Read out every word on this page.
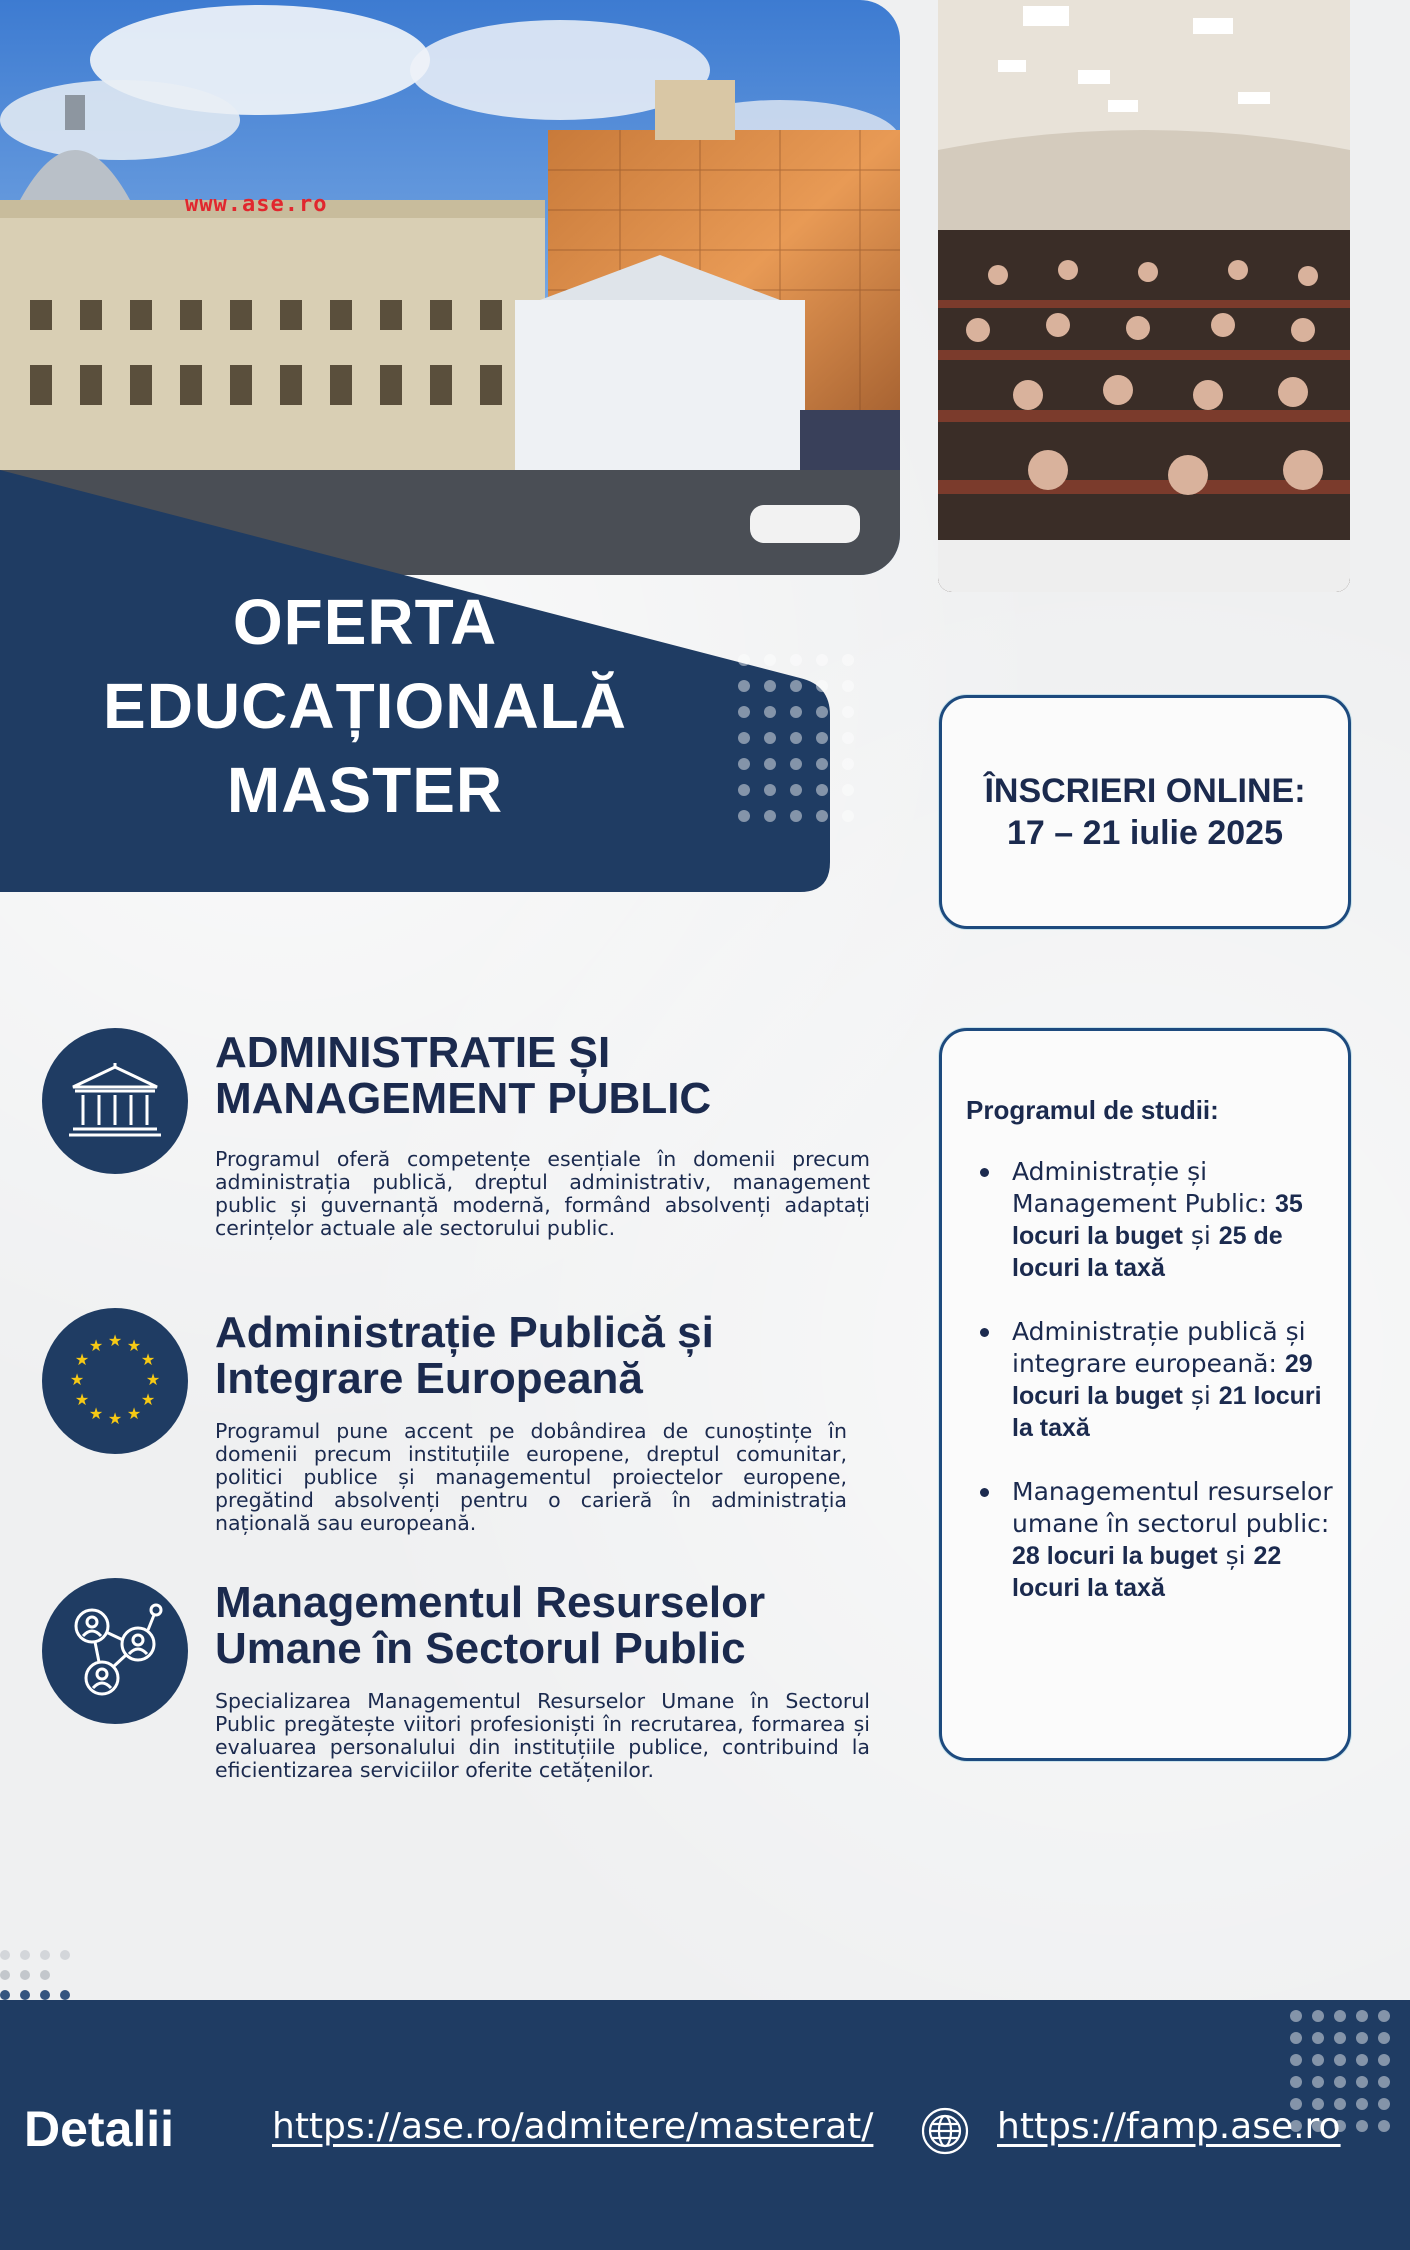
www.ase.ro
OFERTA
EDUCAȚIONALĂ
MASTER	ÎNSCRIERI ONLINE:
17 – 21 iulie 2025
ADMINISTRATIE ȘI MANAGEMENT PUBLIC
Programul oferă competențe esențiale în domenii precum administrația publică, dreptul administrativ, management public și guvernanță modernă, formând absolvenți adaptați cerințelor actuale ale sectorului public.
★ ★
★
★
★
★
★
★
★
★
★
★	Administrație Publică și Integrare Europeană
Programul pune accent pe dobândirea de cunoștințe în domenii precum instituțiile europene, dreptul comunitar, politici publice și managementul proiectelor europene, pregătind absolvenți pentru o carieră în administrația națională sau europeană.
Managementul Resurselor Umane în Sectorul Public
Specializarea Managementul Resurselor Umane în Sectorul Public pregătește viitori profesioniști în recrutarea, formarea și evaluarea personalului din instituțiile publice, contribuind la eficientizarea serviciilor oferite cetățenilor.
Programul de studii:
Administrație și Management Public: 35 locuri la buget și 25 de locuri la taxă
Administrație publică și integrare europeană: 29 locuri la buget și 21 locuri la taxă
Managementul resurselor umane în sectorul public: 28 locuri la buget și 22 locuri la taxă
Detalii	https://ase.ro/admitere/masterat/	https://famp.ase.ro
